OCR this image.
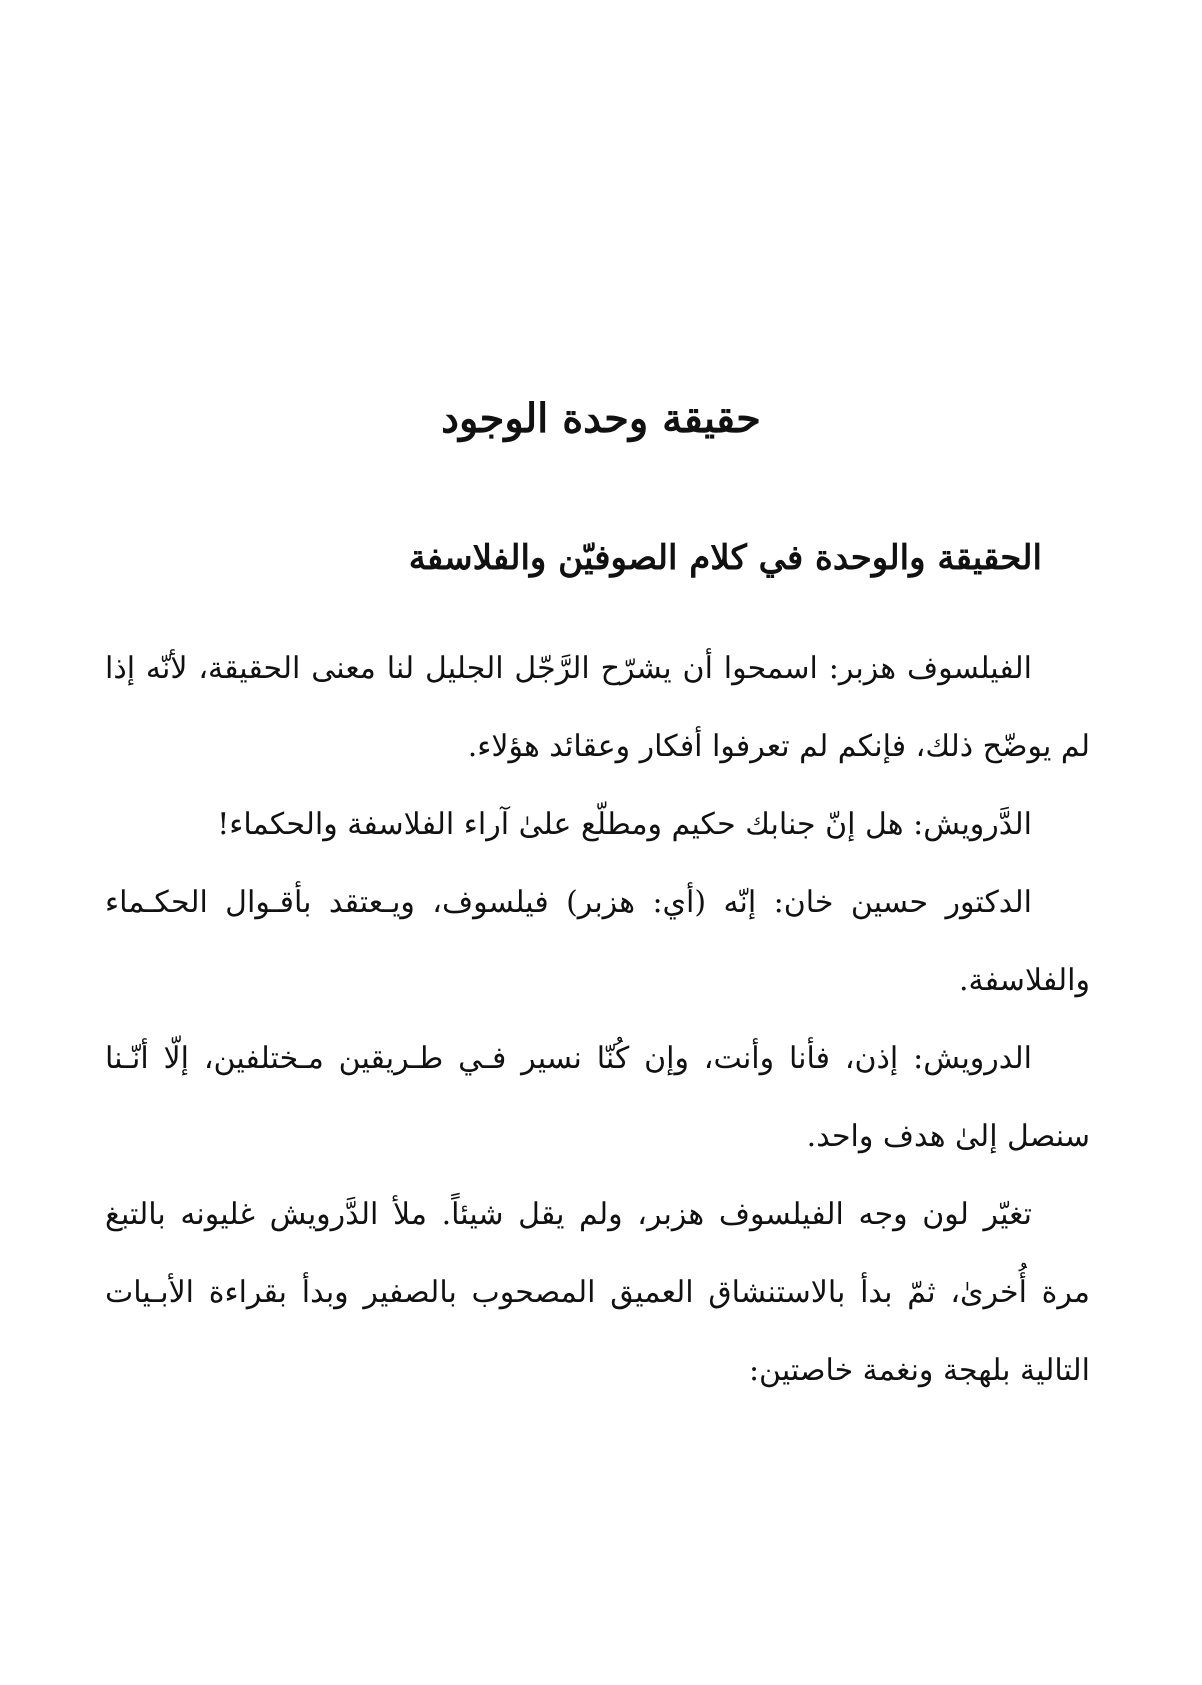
حقيقة وحدة الوجود
الحقيقة والوحدة في كلام الصوفيّن والفلاسفة

الفيلسوف هزبر: اسمحوا أن يشرّح الرَّجّل الجليل لنا معنى الحقيقة، لأنّه إذا لم يوضّح ذلك، فإنكم لم تعرفوا أفكار وعقائد هؤلاء.

الدَّرويش: هل إنّ جنابك حكيم ومطلّع علىٰ آراء الفلاسفة والحكماء!

الدكتور حسين خان: إنّه (أي: هزبر) فيلسوف، ويـعتقد بأقـوال الحكـماء والفلاسفة.

الدرويش: إذن، فأنا وأنت، وإن كُنّا نسير فـي طـريقين مـختلفين، إلّا أنّـنا سنصل إلىٰ هدف واحد.

تغيّر لون وجه الفيلسوف هزبر، ولم يقل شيئاً. ملأ الدَّرويش غليونه بالتبغ مرة أُخرىٰ، ثمّ بدأ بالاستنشاق العميق المصحوب بالصفير وبدأ بقراءة الأبـيات التالية بلهجة ونغمة خاصتين:
